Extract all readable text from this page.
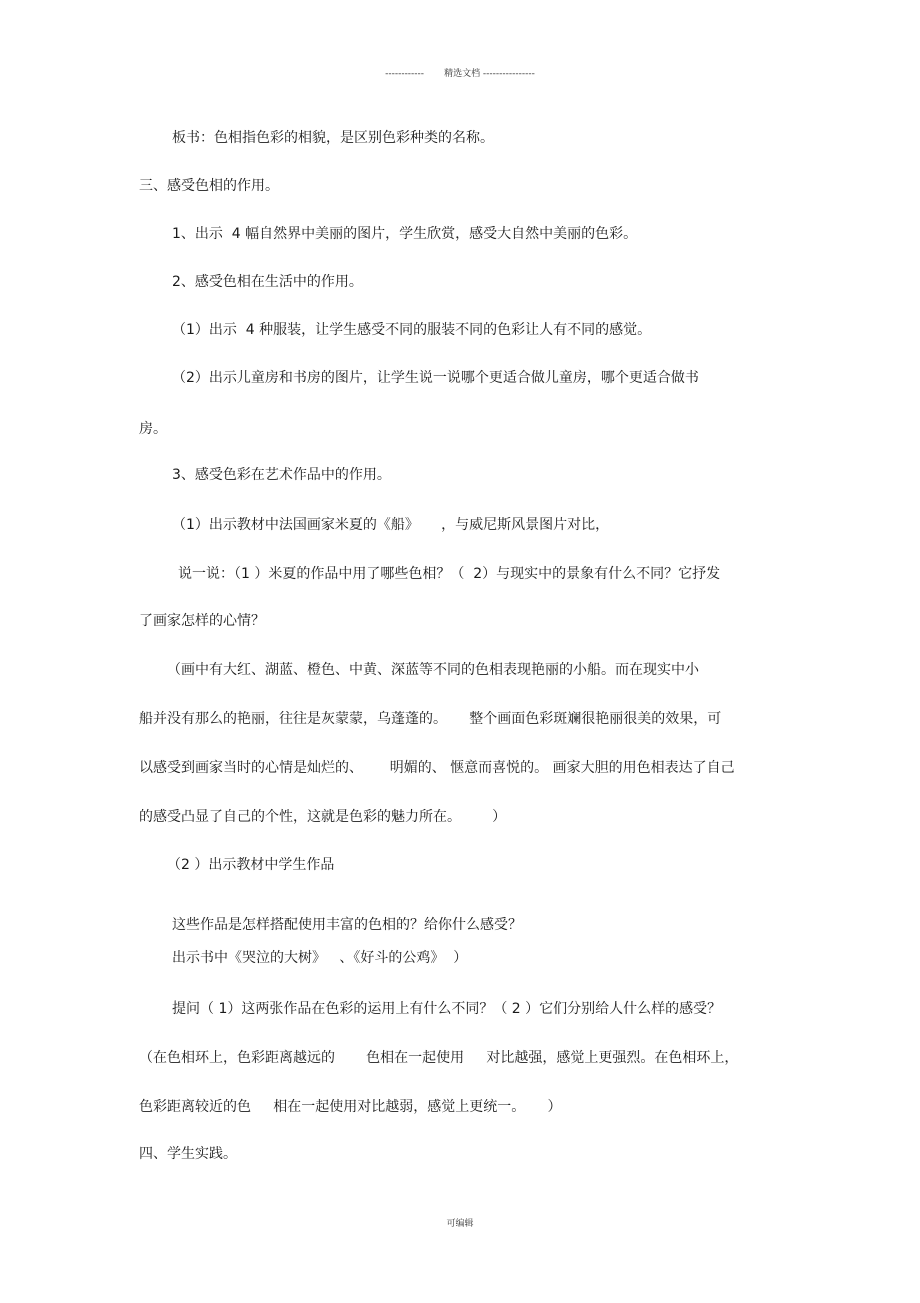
------------       精选文档 ----------------
板书：色相指色彩的相貌，是区别色彩种类的名称。
三、感受色相的作用。
1、出示  4 幅自然界中美丽的图片，学生欣赏，感受大自然中美丽的色彩。
2、感受色相在生活中的作用。
（1）出示  4 种服装，让学生感受不同的服装不同的色彩让人有不同的感觉。
（2）出示儿童房和书房的图片，让学生说一说哪个更适合做儿童房，哪个更适合做书
房。
3、感受色彩在艺术作品中的作用。
（1）出示教材中法国画家米夏的《船》     ，与威尼斯风景图片对比，
说一说：（1 ）米夏的作品中用了哪些色相？（  2）与现实中的景象有什么不同？它抒发
了画家怎样的心情？
（画中有大红、湖蓝、橙色、中黄、深蓝等不同的色相表现艳丽的小船。而在现实中小
船并没有那么的艳丽，往往是灰蒙蒙，乌蓬蓬的。     整个画面色彩斑斓很艳丽很美的效果，可
以感受到画家当时的心情是灿烂的、      明媚的、 惬意而喜悦的。 画家大胆的用色相表达了自己
的感受凸显了自己的个性，这就是色彩的魅力所在。       ）
（2 ）出示教材中学生作品
这些作品是怎样搭配使用丰富的色相的？给你什么感受？
出示书中《哭泣的大树》   、《好斗的公鸡》  ）
提问（ 1）这两张作品在色彩的运用上有什么不同？（ 2 ）它们分别给人什么样的感受？
（在色相环上，色彩距离越远的       色相在一起使用     对比越强，感觉上更强烈。在色相环上，
色彩距离较近的色     相在一起使用对比越弱，感觉上更统一。     ）
四、学生实践。
可编辑
